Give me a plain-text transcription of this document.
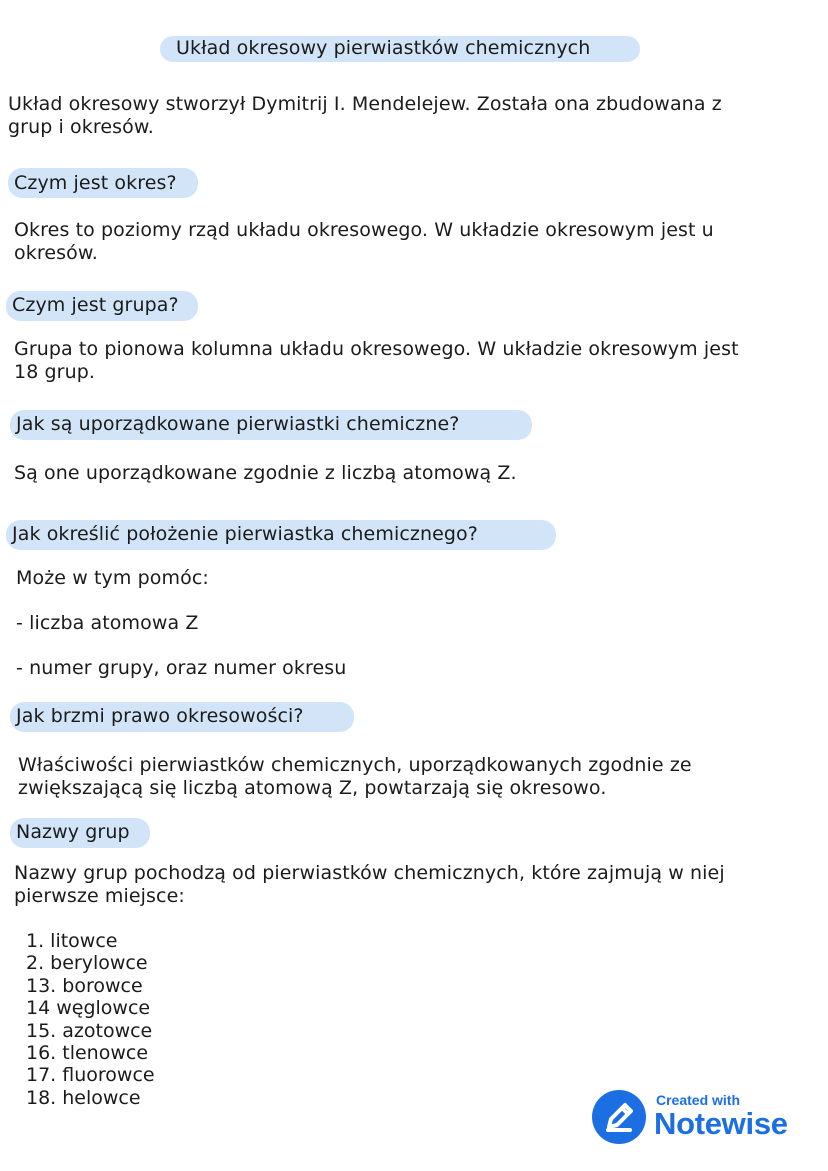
Układ okresowy pierwiastków chemicznych
Układ okresowy stworzył Dymitrij I. Mendelejew. Została ona zbudowana z
grup i okresów.
Czym jest okres?
Okres to poziomy rząd układu okresowego. W układzie okresowym jest u
okresów.
Czym jest grupa?
Grupa to pionowa kolumna układu okresowego. W układzie okresowym jest
18 grup.
Jak są uporządkowane pierwiastki chemiczne?
Są one uporządkowane zgodnie z liczbą atomową Z.
Jak określić położenie pierwiastka chemicznego?
Może w tym pomóc:
- liczba atomowa Z
- numer grupy, oraz numer okresu
Jak brzmi prawo okresowości?
Właściwości pierwiastków chemicznych, uporządkowanych zgodnie ze
zwiększającą się liczbą atomową Z, powtarzają się okresowo.
Nazwy grup
Nazwy grup pochodzą od pierwiastków chemicznych, które zajmują w niej
pierwsze miejsce:
1. litowce
2. berylowce
13. borowce
14 węglowce
15. azotowce
16. tlenowce
17. fluorowce
18. helowce	Created with
Notewise
